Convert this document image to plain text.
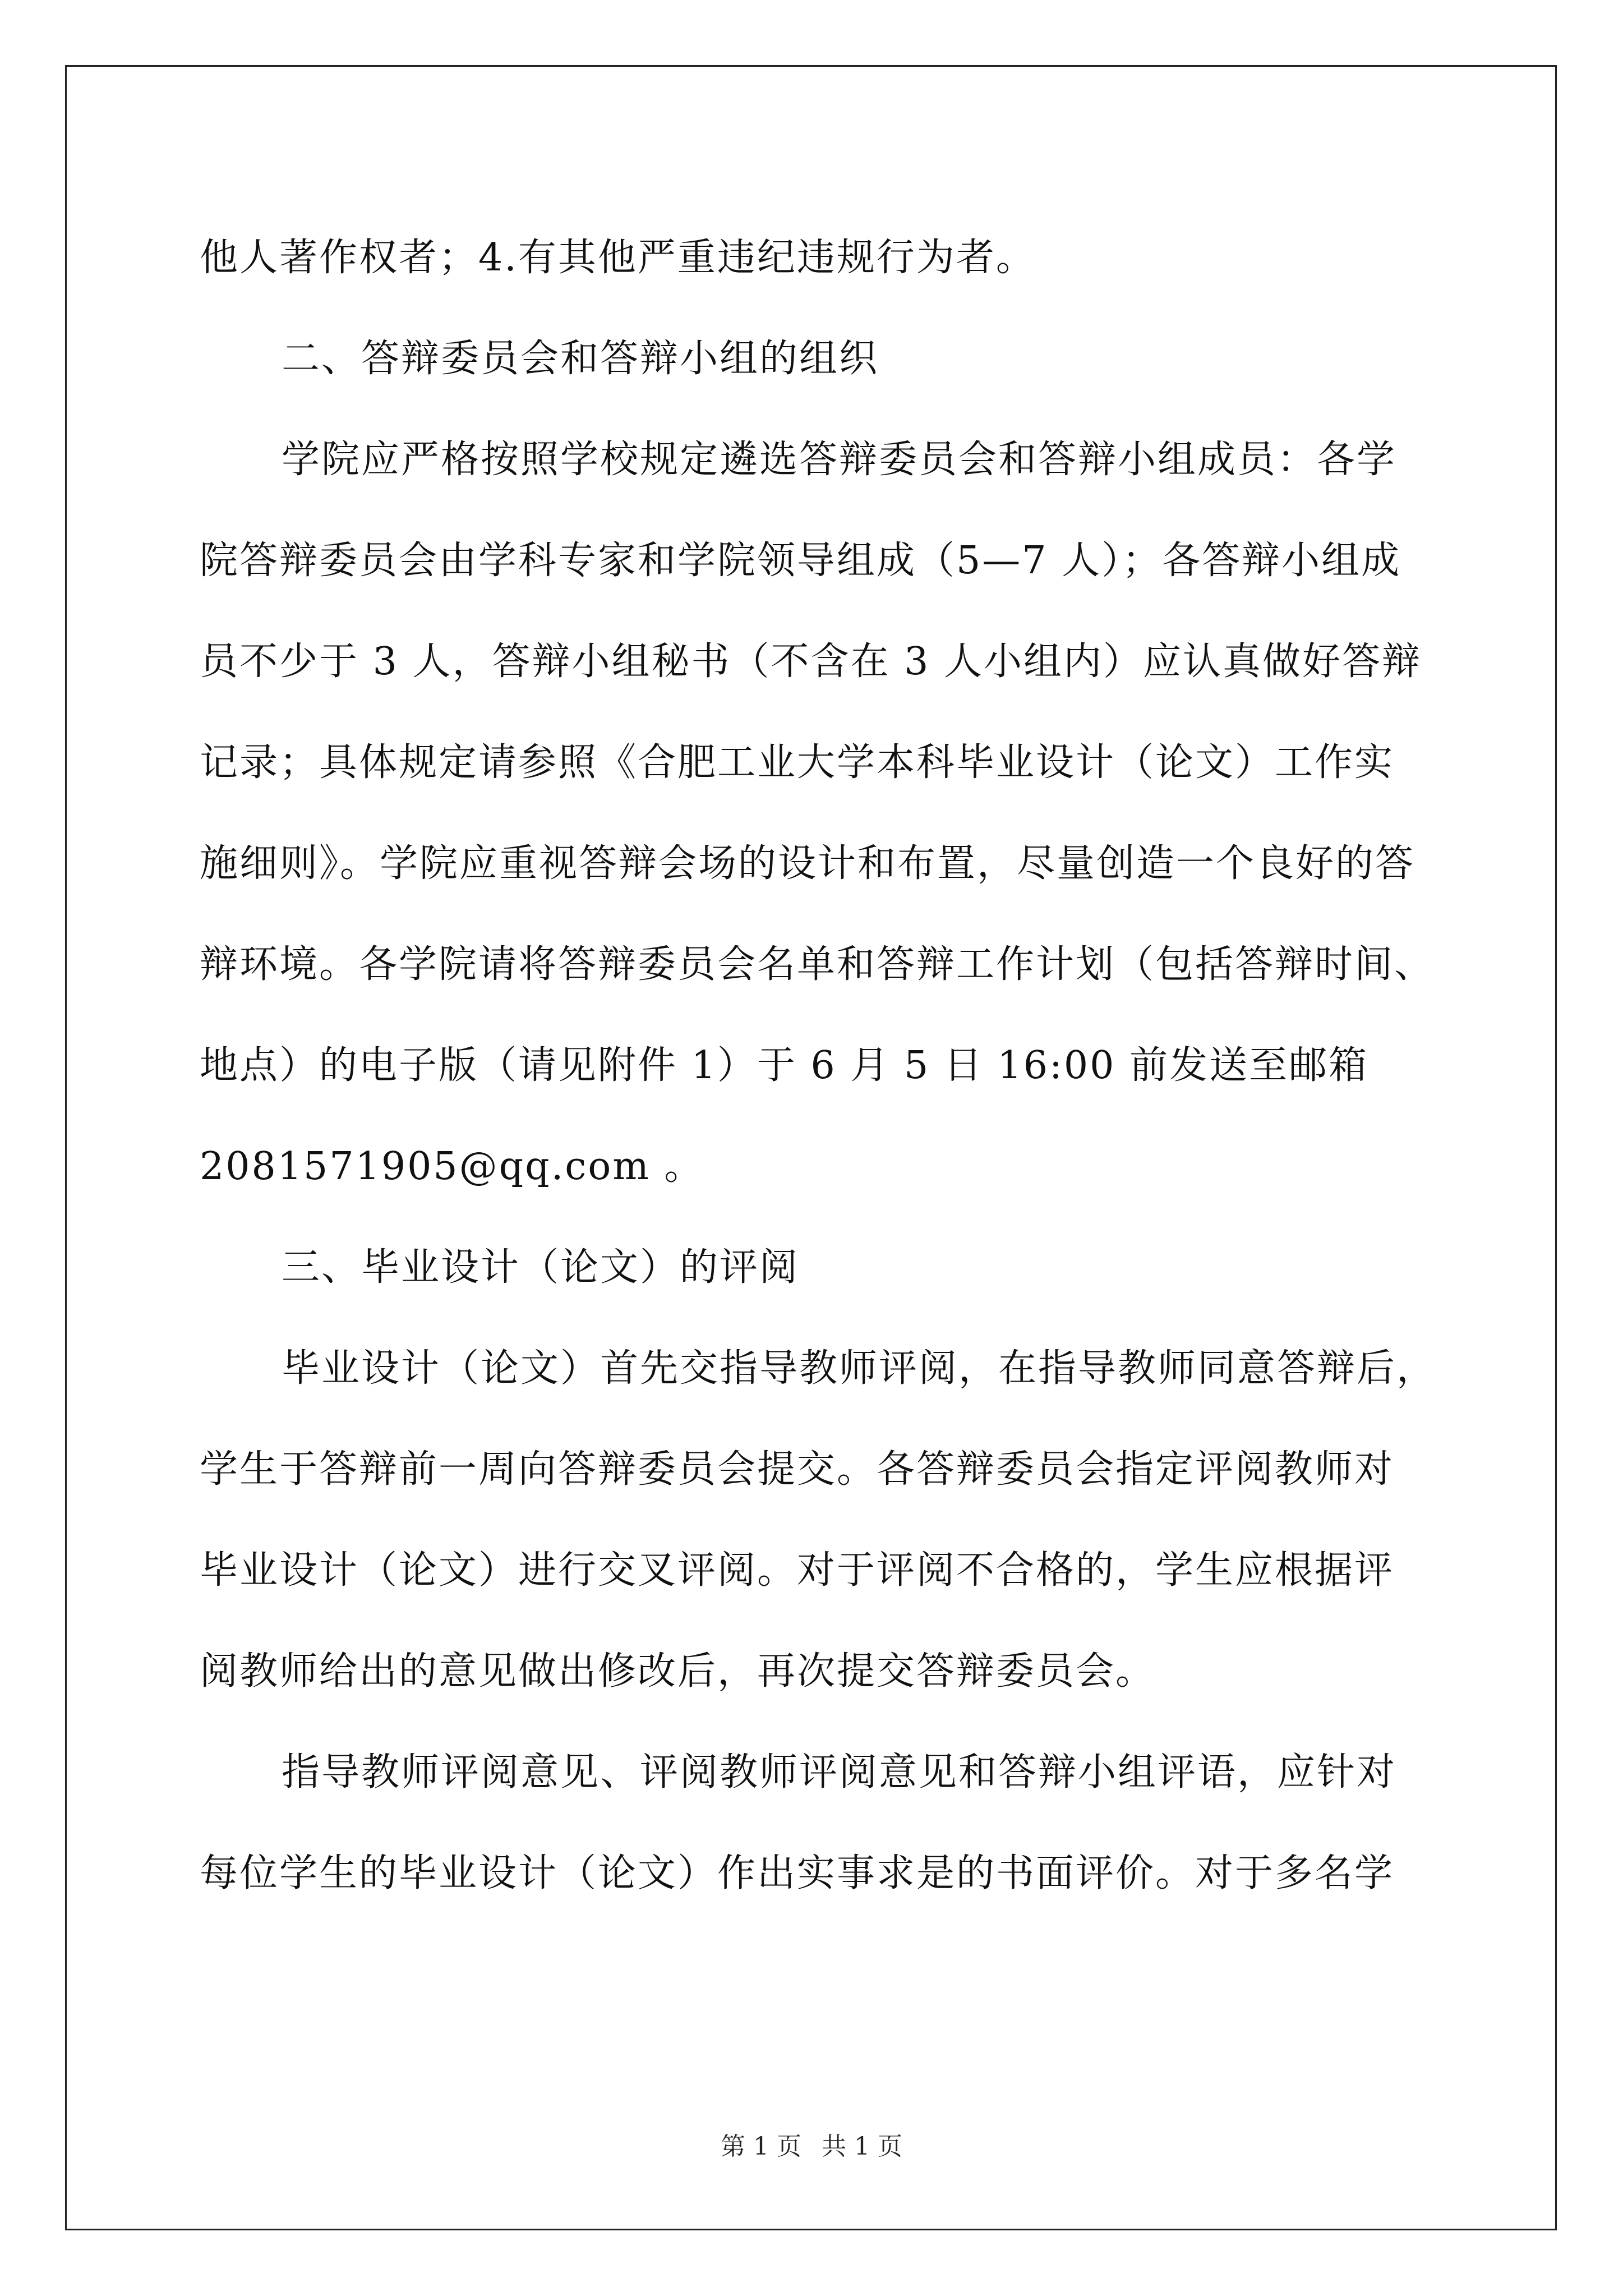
他人著作权者；4.有其他严重违纪违规行为者。
二、答辩委员会和答辩小组的组织
学院应严格按照学校规定遴选答辩委员会和答辩小组成员：各学
院答辩委员会由学科专家和学院领导组成（5—7 人）；各答辩小组成
员不少于 3 人，答辩小组秘书（不含在 3 人小组内）应认真做好答辩
记录；具体规定请参照《合肥工业大学本科毕业设计（论文）工作实
施细则》。学院应重视答辩会场的设计和布置，尽量创造一个良好的答
辩环境。各学院请将答辩委员会名单和答辩工作计划（包括答辩时间、
地点）的电子版（请见附件 1）于 6 月 5 日 16:00 前发送至邮箱
2081571905@qq.com 。
三、毕业设计（论文）的评阅
毕业设计（论文）首先交指导教师评阅，在指导教师同意答辩后，
学生于答辩前一周向答辩委员会提交。各答辩委员会指定评阅教师对
毕业设计（论文）进行交叉评阅。对于评阅不合格的，学生应根据评
阅教师给出的意见做出修改后，再次提交答辩委员会。
指导教师评阅意见、评阅教师评阅意见和答辩小组评语，应针对
每位学生的毕业设计（论文）作出实事求是的书面评价。对于多名学
第 1 页 共 1 页
